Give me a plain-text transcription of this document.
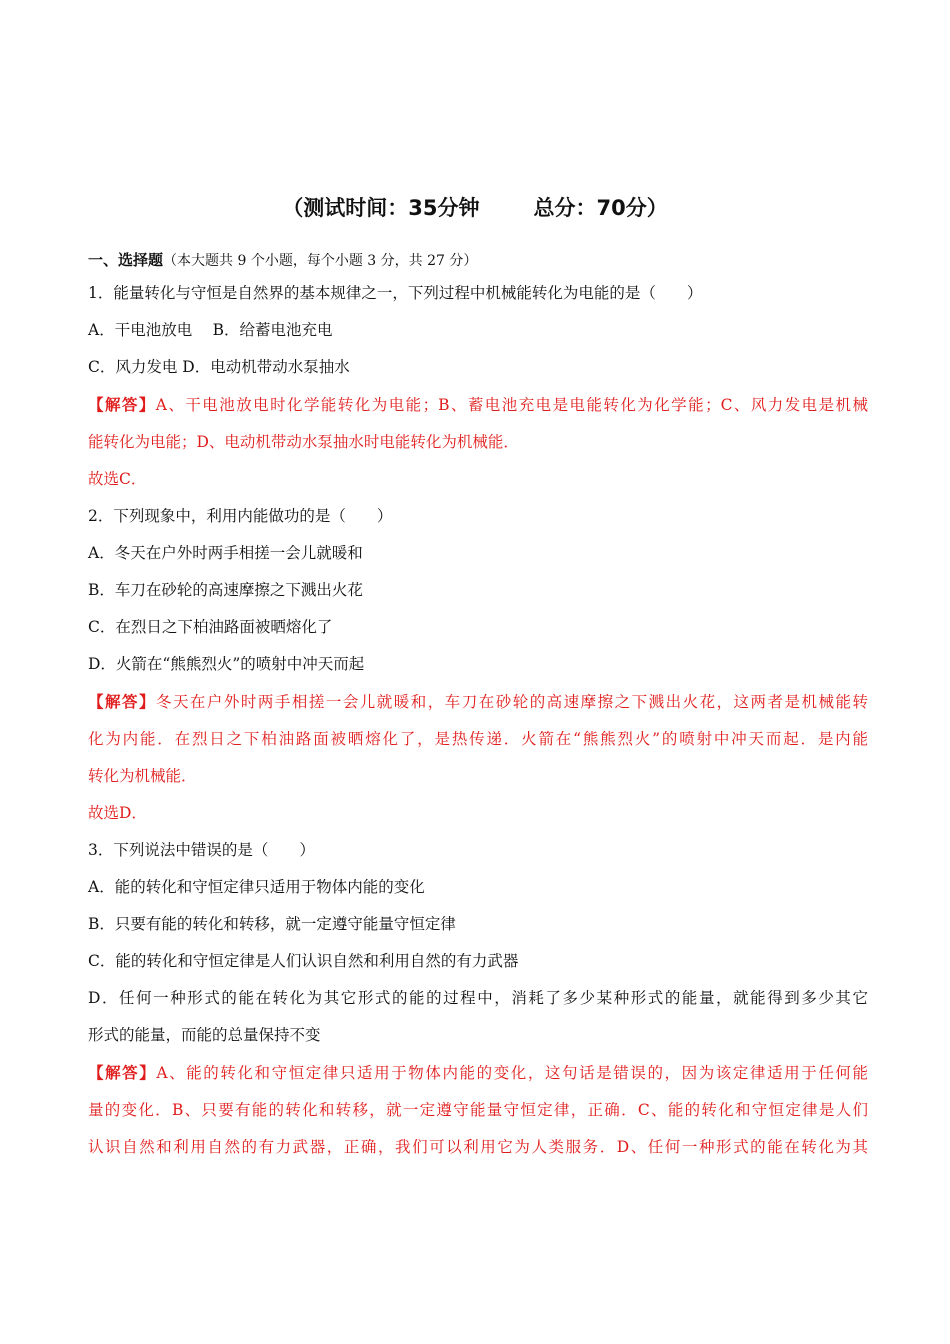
（测试时间：35分钟	总分：70分）
一、选择题（本大题共 9 个小题，每个小题 3 分，共 27 分）
1．能量转化与守恒是自然界的基本规律之一，下列过程中机械能转化为电能的是（　　）
A．干电池放电　 B．给蓄电池充电
C．风力发电 D．电动机带动水泵抽水
【解答】A、干电池放电时化学能转化为电能；B、蓄电池充电是电能转化为化学能；C、风力发电是机械
能转化为电能；D、电动机带动水泵抽水时电能转化为机械能．
故选C．
2．下列现象中，利用内能做功的是（　　）
A．冬天在户外时两手相搓一会儿就暖和
B．车刀在砂轮的高速摩擦之下溅出火花
C．在烈日之下柏油路面被晒熔化了
D．火箭在“熊熊烈火”的喷射中冲天而起
【解答】冬天在户外时两手相搓一会儿就暖和，车刀在砂轮的高速摩擦之下溅出火花，这两者是机械能转
化为内能．在烈日之下柏油路面被晒熔化了，是热传递．火箭在“熊熊烈火”的喷射中冲天而起．是内能
转化为机械能．
故选D．
3．下列说法中错误的是（　　）
A．能的转化和守恒定律只适用于物体内能的变化
B．只要有能的转化和转移，就一定遵守能量守恒定律
C．能的转化和守恒定律是人们认识自然和利用自然的有力武器
D．任何一种形式的能在转化为其它形式的能的过程中，消耗了多少某种形式的能量，就能得到多少其它
形式的能量，而能的总量保持不变
【解答】A、能的转化和守恒定律只适用于物体内能的变化，这句话是错误的，因为该定律适用于任何能
量的变化．B、只要有能的转化和转移，就一定遵守能量守恒定律，正确．C、能的转化和守恒定律是人们
认识自然和利用自然的有力武器，正确，我们可以利用它为人类服务．D、任何一种形式的能在转化为其
